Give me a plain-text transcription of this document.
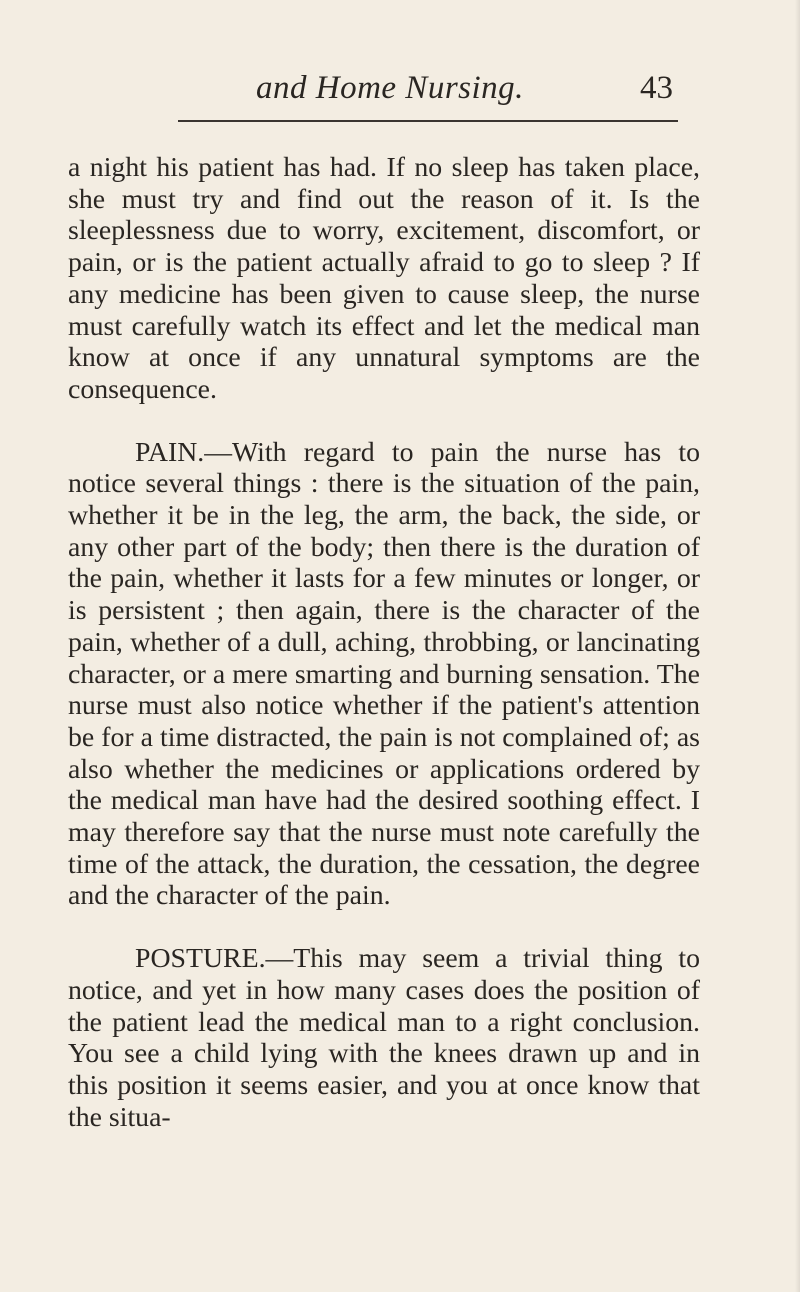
and Home Nursing.	43

a night his patient has had. If no sleep has taken place, she must try and find out the reason of it. Is the sleeplessness due to worry, excitement, discomfort, or pain, or is the patient actually afraid to go to sleep ? If any medicine has been given to cause sleep, the nurse must carefully watch its effect and let the medical man know at once if any unnatural symptoms are the consequence.

PAIN.—With regard to pain the nurse has to notice several things : there is the situation of the pain, whether it be in the leg, the arm, the back, the side, or any other part of the body; then there is the duration of the pain, whether it lasts for a few minutes or longer, or is persistent ; then again, there is the character of the pain, whether of a dull, aching, throbbing, or lancinating character, or a mere smarting and burning sensation. The nurse must also notice whether if the patient's attention be for a time distracted, the pain is not complained of; as also whether the medicines or applications ordered by the medical man have had the desired soothing effect. I may therefore say that the nurse must note carefully the time of the attack, the duration, the cessation, the degree and the character of the pain.

POSTURE.—This may seem a trivial thing to notice, and yet in how many cases does the position of the patient lead the medical man to a right conclusion. You see a child lying with the knees drawn up and in this position it seems easier, and you at once know that the situa-
